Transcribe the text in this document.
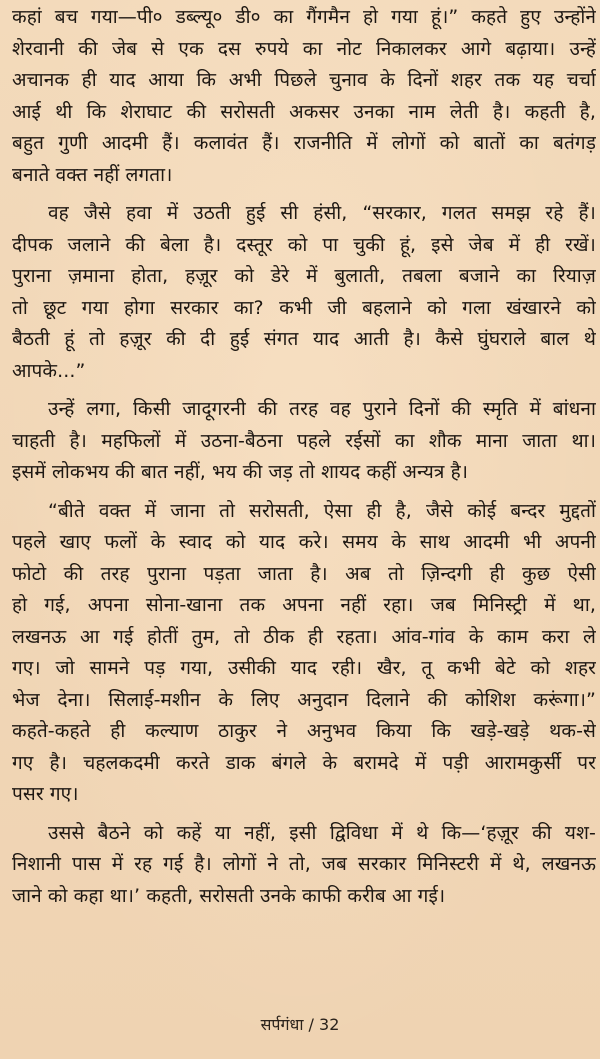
कहां बच गया—पी० डब्ल्यू० डी० का गैंगमैन हो गया हूं।” कहते हुए उन्होंने
शेरवानी की जेब से एक दस रुपये का नोट निकालकर आगे बढ़ाया। उन्हें
अचानक ही याद आया कि अभी पिछले चुनाव के दिनों शहर तक यह चर्चा
आई थी कि शेराघाट की सरोसती अकसर उनका नाम लेती है। कहती है,
बहुत गुणी आदमी हैं। कलावंत हैं। राजनीति में लोगों को बातों का बतंगड़
बनाते वक्त नहीं लगता।
वह जैसे हवा में उठती हुई सी हंसी, “सरकार, गलत समझ रहे हैं।
दीपक जलाने की बेला है। दस्तूर को पा चुकी हूं, इसे जेब में ही रखें।
पुराना ज़माना होता, हज़ूर को डेरे में बुलाती, तबला बजाने का रियाज़
तो छूट गया होगा सरकार का? कभी जी बहलाने को गला खंखारने को
बैठती हूं तो हज़ूर की दी हुई संगत याद आती है। कैसे घुंघराले बाल थे
आपके...”
उन्हें लगा, किसी जादूगरनी की तरह वह पुराने दिनों की स्मृति में बांधना
चाहती है। महफिलों में उठना-बैठना पहले रईसों का शौक माना जाता था।
इसमें लोकभय की बात नहीं, भय की जड़ तो शायद कहीं अन्यत्र है।
“बीते वक्त में जाना तो सरोसती, ऐसा ही है, जैसे कोई बन्दर मुद्दतों
पहले खाए फलों के स्वाद को याद करे। समय के साथ आदमी भी अपनी
फोटो की तरह पुराना पड़ता जाता है। अब तो ज़िन्दगी ही कुछ ऐसी
हो गई, अपना सोना-खाना तक अपना नहीं रहा। जब मिनिस्ट्री में था,
लखनऊ आ गई होतीं तुम, तो ठीक ही रहता। आंव-गांव के काम करा ले
गए। जो सामने पड़ गया, उसीकी याद रही। खैर, तू कभी बेटे को शहर
भेज देना। सिलाई-मशीन के लिए अनुदान दिलाने की कोशिश करूंगा।”
कहते-कहते ही कल्याण ठाकुर ने अनुभव किया कि खड़े-खड़े थक-से
गए है। चहलकदमी करते डाक बंगले के बरामदे में पड़ी आरामकुर्सी पर
पसर गए।
उससे बैठने को कहें या नहीं, इसी द्विविधा में थे कि—‘हज़ूर की यश-
निशानी पास में रह गई है। लोगों ने तो, जब सरकार मिनिस्टरी में थे, लखनऊ
जाने को कहा था।’ कहती, सरोसती उनके काफी करीब आ गई।
सर्पगंधा / 32
